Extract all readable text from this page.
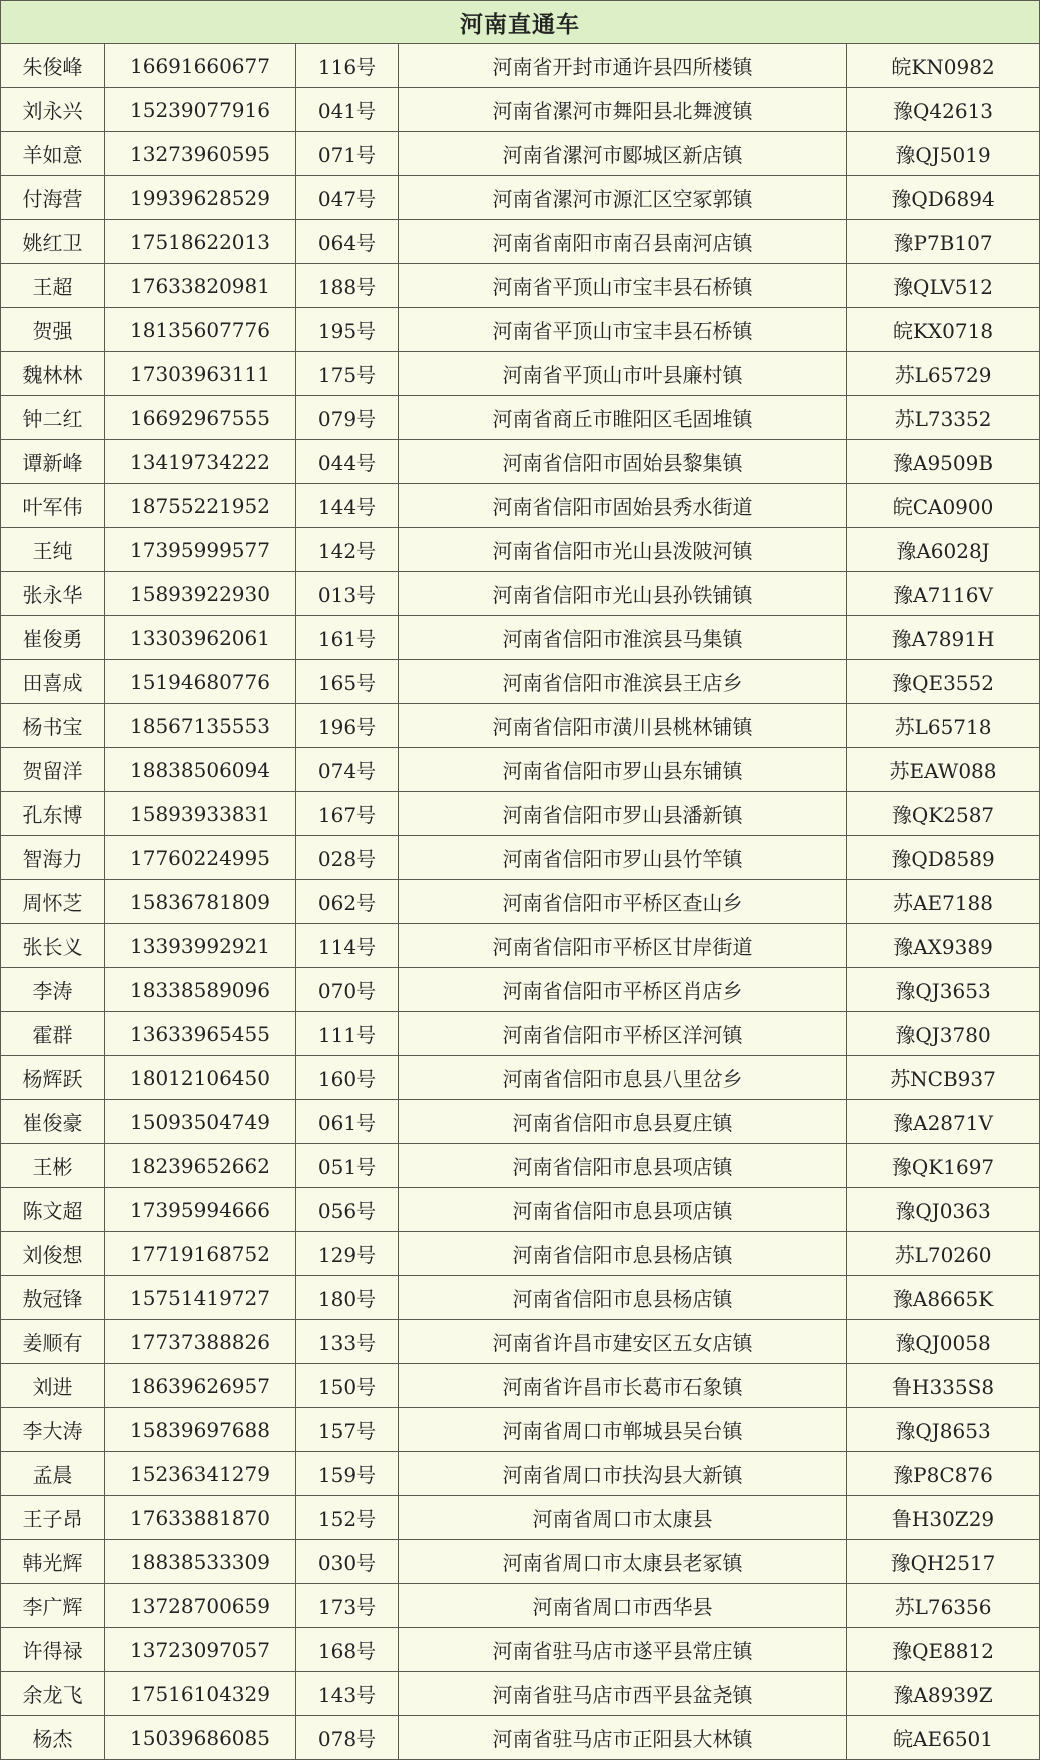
河南直通车				
朱俊峰	16691660677	116号	河南省开封市通许县四所楼镇	皖KN0982
刘永兴	15239077916	041号	河南省漯河市舞阳县北舞渡镇	豫Q42613
羊如意	13273960595	071号	河南省漯河市郾城区新店镇	豫QJ5019
付海营	19939628529	047号	河南省漯河市源汇区空冢郭镇	豫QD6894
姚红卫	17518622013	064号	河南省南阳市南召县南河店镇	豫P7B107
王超	17633820981	188号	河南省平顶山市宝丰县石桥镇	豫QLV512
贺强	18135607776	195号	河南省平顶山市宝丰县石桥镇	皖KX0718
魏林林	17303963111	175号	河南省平顶山市叶县廉村镇	苏L65729
钟二红	16692967555	079号	河南省商丘市睢阳区毛固堆镇	苏L73352
谭新峰	13419734222	044号	河南省信阳市固始县黎集镇	豫A9509B
叶军伟	18755221952	144号	河南省信阳市固始县秀水街道	皖CA0900
王纯	17395999577	142号	河南省信阳市光山县泼陂河镇	豫A6028J
张永华	15893922930	013号	河南省信阳市光山县孙铁铺镇	豫A7116V
崔俊勇	13303962061	161号	河南省信阳市淮滨县马集镇	豫A7891H
田喜成	15194680776	165号	河南省信阳市淮滨县王店乡	豫QE3552
杨书宝	18567135553	196号	河南省信阳市潢川县桃林铺镇	苏L65718
贺留洋	18838506094	074号	河南省信阳市罗山县东铺镇	苏EAW088
孔东博	15893933831	167号	河南省信阳市罗山县潘新镇	豫QK2587
智海力	17760224995	028号	河南省信阳市罗山县竹竿镇	豫QD8589
周怀芝	15836781809	062号	河南省信阳市平桥区查山乡	苏AE7188
张长义	13393992921	114号	河南省信阳市平桥区甘岸街道	豫AX9389
李涛	18338589096	070号	河南省信阳市平桥区肖店乡	豫QJ3653
霍群	13633965455	111号	河南省信阳市平桥区洋河镇	豫QJ3780
杨辉跃	18012106450	160号	河南省信阳市息县八里岔乡	苏NCB937
崔俊豪	15093504749	061号	河南省信阳市息县夏庄镇	豫A2871V
王彬	18239652662	051号	河南省信阳市息县项店镇	豫QK1697
陈文超	17395994666	056号	河南省信阳市息县项店镇	豫QJ0363
刘俊想	17719168752	129号	河南省信阳市息县杨店镇	苏L70260
敖冠锋	15751419727	180号	河南省信阳市息县杨店镇	豫A8665K
姜顺有	17737388826	133号	河南省许昌市建安区五女店镇	豫QJ0058
刘进	18639626957	150号	河南省许昌市长葛市石象镇	鲁H335S8
李大涛	15839697688	157号	河南省周口市郸城县吴台镇	豫QJ8653
孟晨	15236341279	159号	河南省周口市扶沟县大新镇	豫P8C876
王子昂	17633881870	152号	河南省周口市太康县	鲁H30Z29
韩光辉	18838533309	030号	河南省周口市太康县老冢镇	豫QH2517
李广辉	13728700659	173号	河南省周口市西华县	苏L76356
许得禄	13723097057	168号	河南省驻马店市遂平县常庄镇	豫QE8812
余龙飞	17516104329	143号	河南省驻马店市西平县盆尧镇	豫A8939Z
杨杰	15039686085	078号	河南省驻马店市正阳县大林镇	皖AE6501
